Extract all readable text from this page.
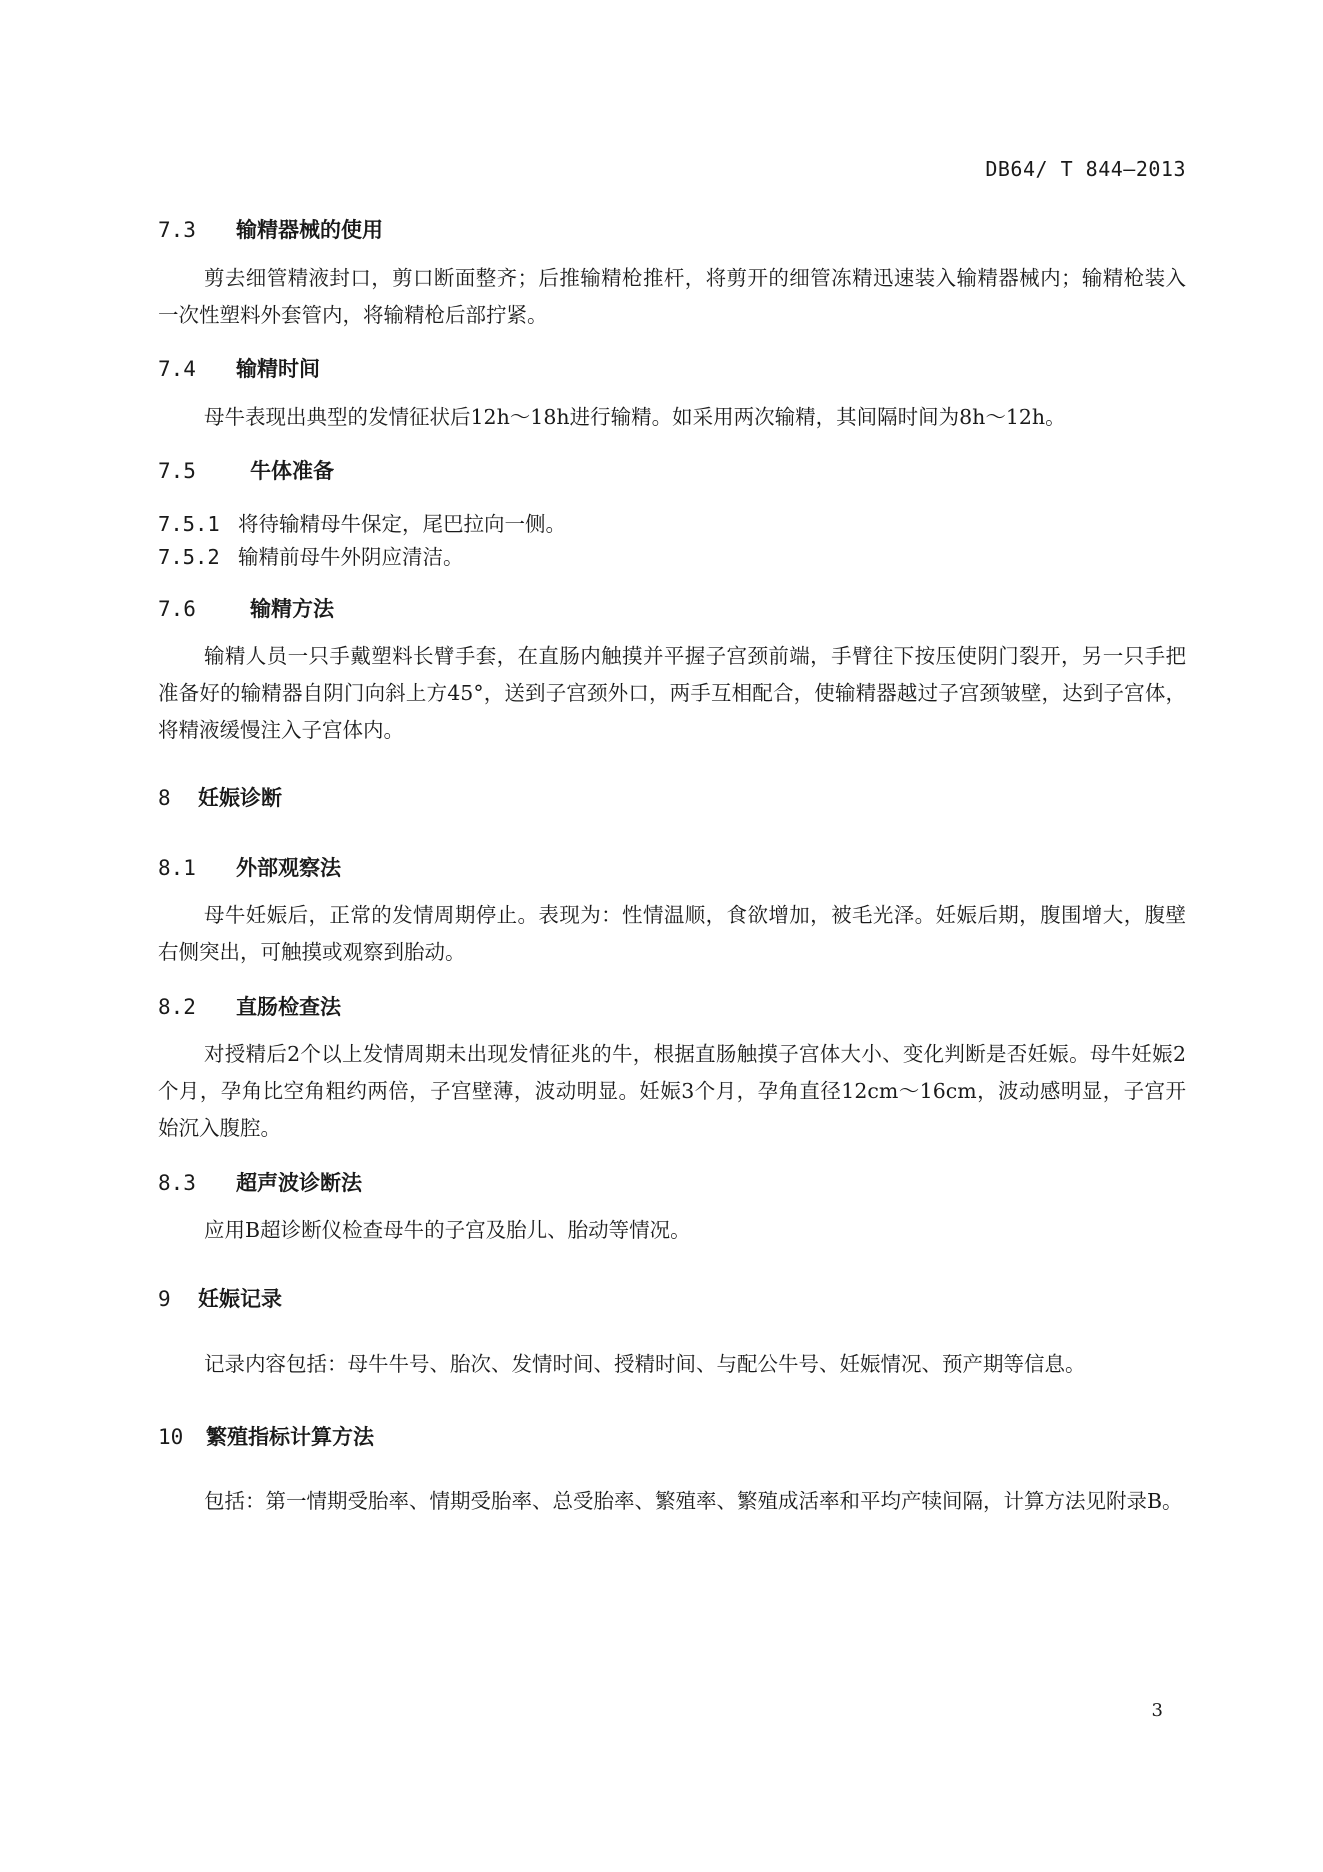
DB64/ T 844—2013
7.3 输精器械的使用
剪去细管精液封口，剪口断面整齐；后推输精枪推杆，将剪开的细管冻精迅速装入输精器械内；输精枪装入一次性塑料外套管内，将输精枪后部拧紧。
7.4 输精时间
母牛表现出典型的发情征状后12h～18h进行输精。如采用两次输精，其间隔时间为8h～12h。
7.5	牛体准备
7.5.1 将待输精母牛保定，尾巴拉向一侧。
7.5.2 输精前母牛外阴应清洁。
7.6	输精方法
输精人员一只手戴塑料长臂手套，在直肠内触摸并平握子宫颈前端，手臂往下按压使阴门裂开，另一只手把准备好的输精器自阴门向斜上方45°，送到子宫颈外口，两手互相配合，使输精器越过子宫颈皱壁，达到子宫体，将精液缓慢注入子宫体内。
8 妊娠诊断
8.1 外部观察法
母牛妊娠后，正常的发情周期停止。表现为：性情温顺，食欲增加，被毛光泽。妊娠后期，腹围增大，腹壁右侧突出，可触摸或观察到胎动。
8.2 直肠检查法
对授精后2个以上发情周期未出现发情征兆的牛，根据直肠触摸子宫体大小、变化判断是否妊娠。母牛妊娠2个月，孕角比空角粗约两倍，子宫壁薄，波动明显。妊娠3个月，孕角直径12cm～16cm，波动感明显，子宫开始沉入腹腔。
8.3 超声波诊断法
应用B超诊断仪检查母牛的子宫及胎儿、胎动等情况。
9 妊娠记录
记录内容包括：母牛牛号、胎次、发情时间、授精时间、与配公牛号、妊娠情况、预产期等信息。
10 繁殖指标计算方法
包括：第一情期受胎率、情期受胎率、总受胎率、繁殖率、繁殖成活率和平均产犊间隔，计算方法见附录B。
3
